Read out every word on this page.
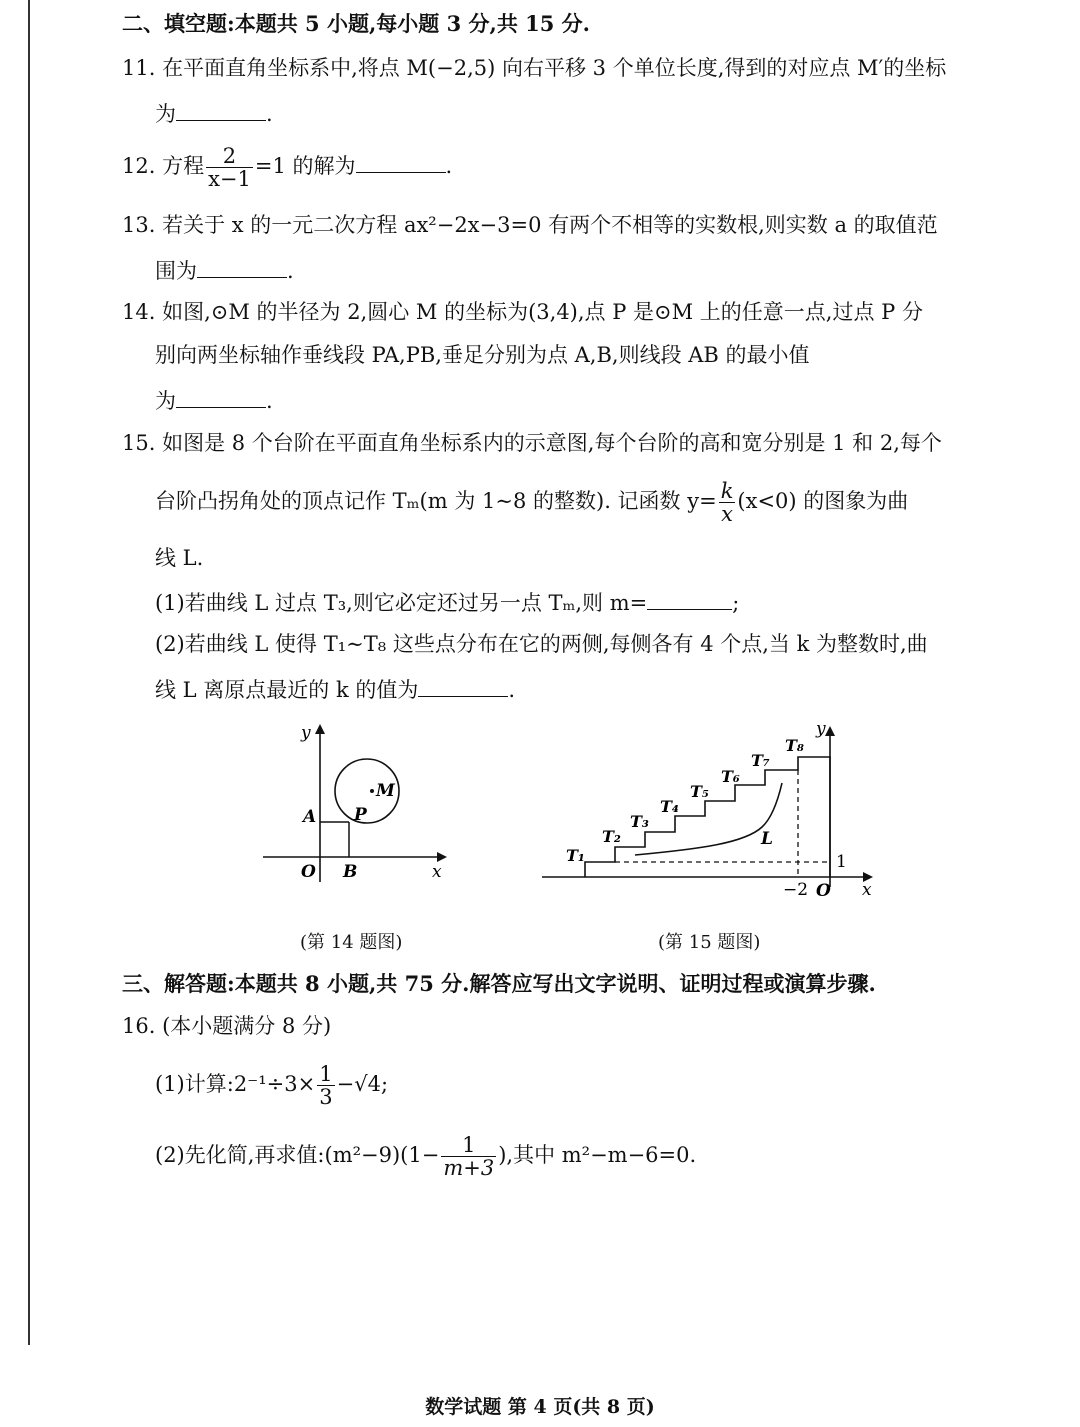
二、填空题:本题共 5 小题,每小题 3 分,共 15 分.
11. 在平面直角坐标系中,将点 M(−2,5) 向右平移 3 个单位长度,得到的对应点 M′的坐标
为	.
12. 方程 $\frac{2}{x-1} =1$ 的解为	.
13. 若关于 x 的一元二次方程 ax²−2x−3=0 有两个不相等的实数根,则实数 a 的取值范
围为	.
14. 如图,⊙M 的半径为 2,圆心 M 的坐标为(3,4),点 P 是⊙M 上的任意一点,过点 P 分
别向两坐标轴作垂线段 PA,PB,垂足分别为点 A,B,则线段 AB 的最小值
为	.
15. 如图是 8 个台阶在平面直角坐标系内的示意图,每个台阶的高和宽分别是 1 和 2,每个
台阶凸拐角处的顶点记作 Tₘ(m 为 1∼8 的整数). 记函数 $y= \frac{k}{x} (x<0)$ 的图象为曲
线 L.
(1)若曲线 L 过点 T₃,则它必定还过另一点 Tₘ,则 m=	;
(2)若曲线 L 使得 T₁∼T₈ 这些点分布在它的两侧,每侧各有 4 个点,当 k 为整数时,曲
线 L 离原点最近的 k 的值为	.
y
x
O
A
B
P
M
(第 14 题图)
T₁
T₂
T₃
T₄
T₅
T₆
T₇
T₈
y
x
O
−2
1
L
(第 15 题图)
三、解答题:本题共 8 小题,共 75 分.解答应写出文字说明、证明过程或演算步骤.
16. (本小题满分 8 分)
(1)计算:2⁻¹÷3× $\frac{1}{3} -√4$;
(2)先化简,再求值:(m²−9)(1− $\frac{1}{m+3}$ ),其中 m²−m−6=0.
数学试题 第 4 页(共 8 页)
